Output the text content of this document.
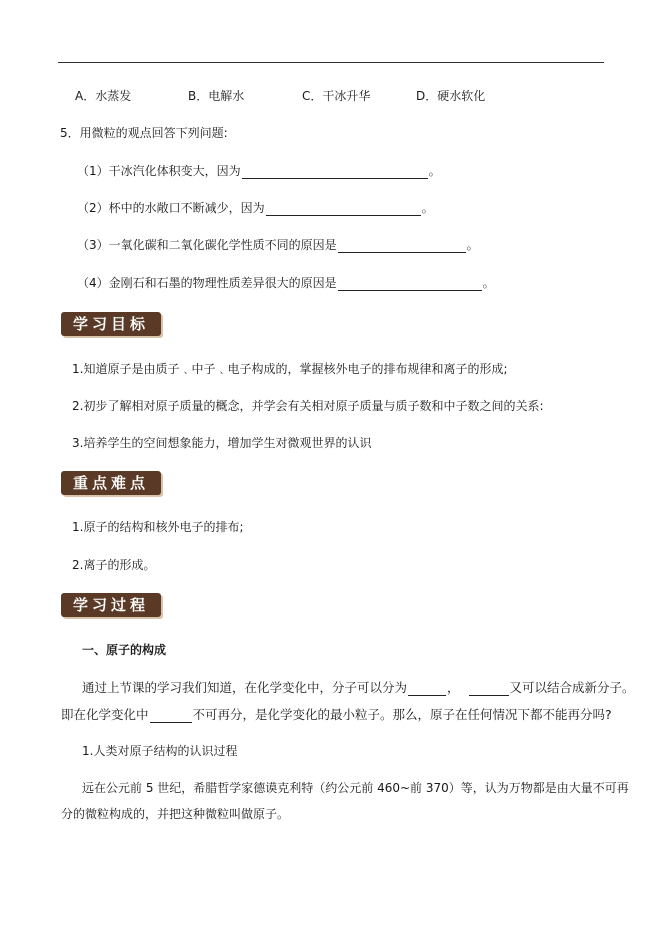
A．水蒸发	B．电解水	C．干冰升华	D．硬水软化
5．用微粒的观点回答下列问题:
（1）干冰汽化体积变大，因为	。
（2）杯中的水敞口不断减少，因为	。
（3）一氧化碳和二氧化碳化学性质不同的原因是	。
（4）金刚石和石墨的物理性质差异很大的原因是	。
学习目标
1.知道原子是由质子﹑中子﹑电子构成的，掌握核外电子的排布规律和离子的形成;
2.初步了解相对原子质量的概念，并学会有关相对原子质量与质子数和中子数之间的关系:
3.培养学生的空间想象能力，增加学生对微观世界的认识
重点难点
1.原子的结构和核外电子的排布;
2.离子的形成。
学习过程
一、原子的构成
通过上节课的学习我们知道，在化学变化中，分子可以分为	，	又可以结合成新分子。
即在化学变化中	不可再分，是化学变化的最小粒子。那么，原子在任何情况下都不能再分吗?
1.人类对原子结构的认识过程
远在公元前 5 世纪，希腊哲学家德谟克利特（约公元前 460~前 370）等，认为万物都是由大量不可再
分的微粒构成的，并把这种微粒叫做原子。
